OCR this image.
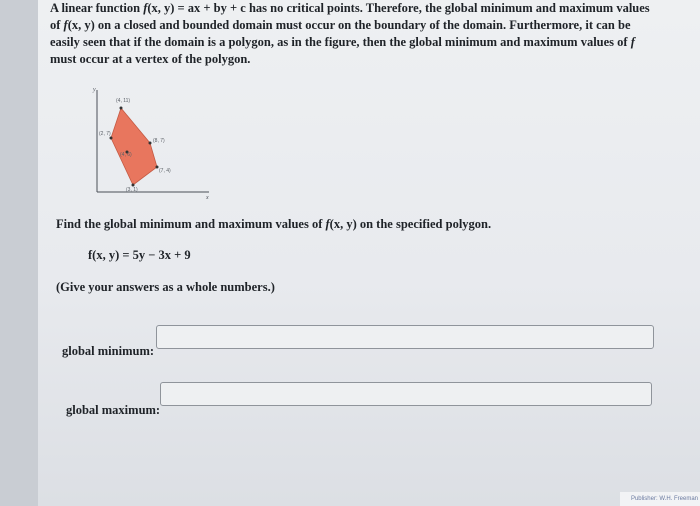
A linear function f(x, y) = ax + by + c has no critical points. Therefore, the global minimum and maximum values of f(x, y) on a closed and bounded domain must occur on the boundary of the domain. Furthermore, it can be easily seen that if the domain is a polygon, as in the figure, then the global minimum and maximum values of f must occur at a vertex of the polygon.
y
x
(4, 11)
(2, 7)
(8, 7)
(4, 6)
(7, 4)
(3, 1)
Find the global minimum and maximum values of f(x, y) on the specified polygon.
f(x, y) = 5y − 3x + 9
(Give your answers as a whole numbers.)
global minimum:
global maximum:
Publisher: W.H. Freeman
